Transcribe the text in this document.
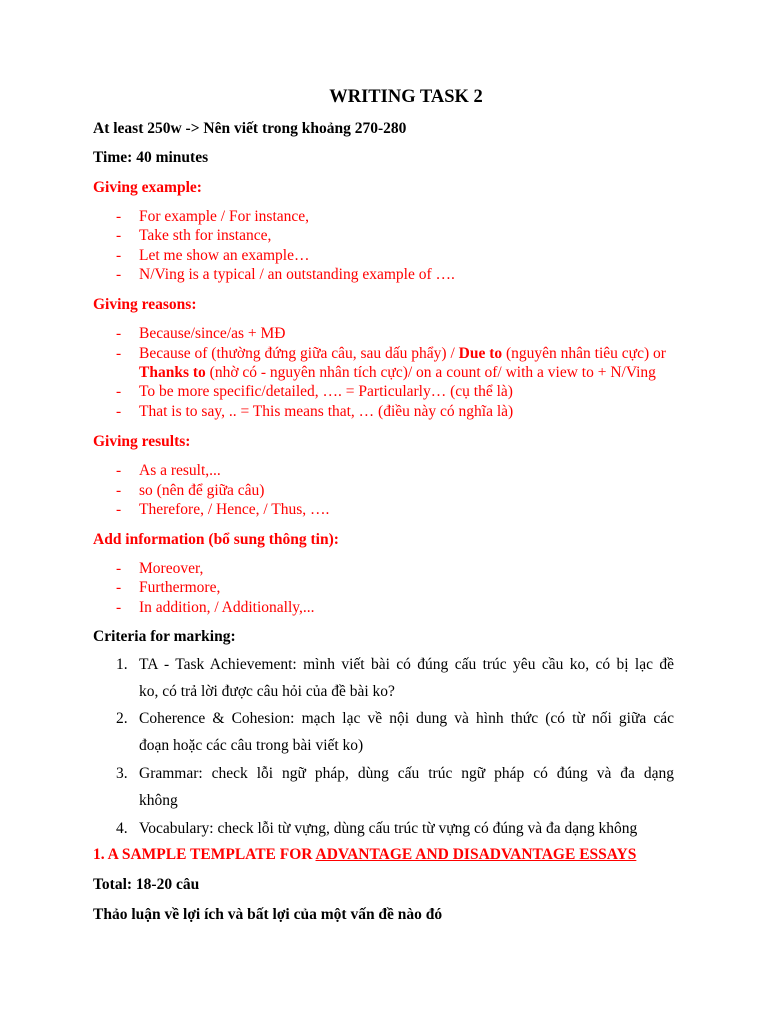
WRITING TASK 2
At least 250w -> Nên viết trong khoảng 270-280
Time: 40 minutes
Giving example:
- For example / For instance,
- Take sth for instance,
- Let me show an example…
- N/Ving is a typical / an outstanding example of ….
Giving reasons:
- Because/since/as + MĐ
- Because of (thường đứng giữa câu, sau dấu phẩy) / Due to (nguyên nhân tiêu cực) or
Thanks to (nhờ có - nguyên nhân tích cực)/ on a count of/ with a view to + N/Ving
- To be more specific/detailed, …. = Particularly… (cụ thể là)
- That is to say, .. = This means that, … (điều này có nghĩa là)
Giving results:
- As a result,...
- so (nên để giữa câu)
- Therefore, / Hence, / Thus, ….
Add information (bổ sung thông tin):
- Moreover,
- Furthermore,
- In addition, / Additionally,...
Criteria for marking:
1. TA - Task Achievement: mình viết bài có đúng cấu trúc yêu cầu ko, có bị lạc đề
ko, có trả lời được câu hỏi của đề bài ko?
2. Coherence & Cohesion: mạch lạc về nội dung và hình thức (có từ nối giữa các
đoạn hoặc các câu trong bài viết ko)
3. Grammar: check lỗi ngữ pháp, dùng cấu trúc ngữ pháp có đúng và đa dạng
không
4. Vocabulary: check lỗi từ vựng, dùng cấu trúc từ vựng có đúng và đa dạng không
1. A SAMPLE TEMPLATE FOR ADVANTAGE AND DISADVANTAGE ESSAYS
Total: 18-20 câu
Thảo luận về lợi ích và bất lợi của một vấn đề nào đó
